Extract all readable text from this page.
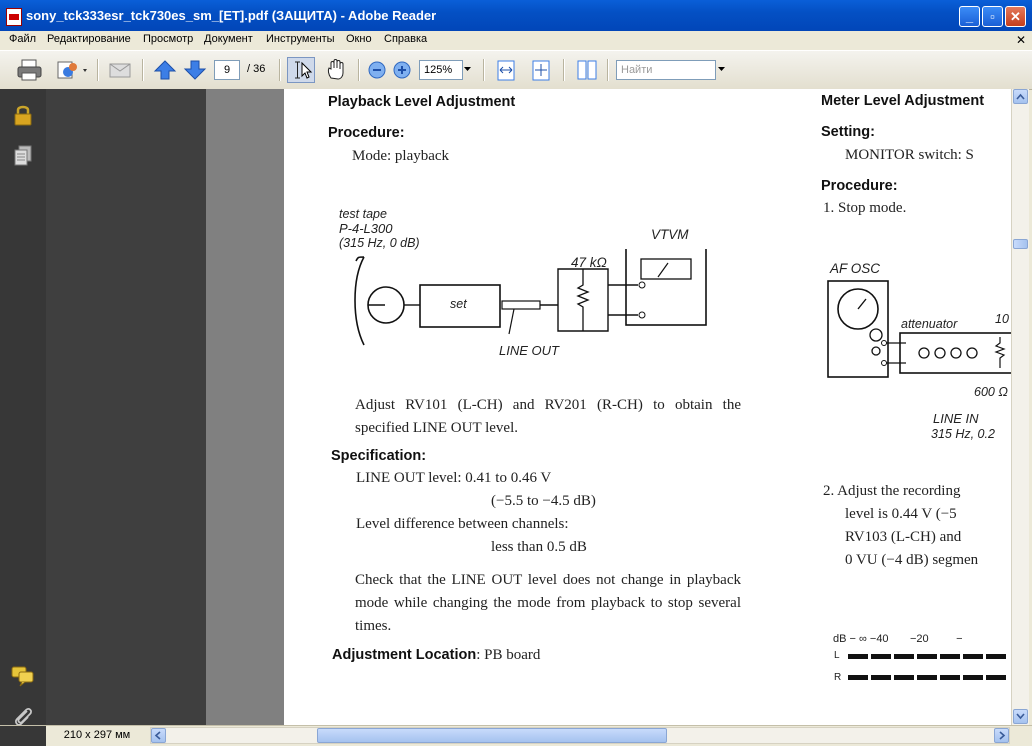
sony_tck333esr_tck730es_sm_[ET].pdf (ЗАЩИТА) - Adobe Reader	_	▫	✕
Файл Редактирование Просмотр Документ Инструменты Окно Справка	✕
9	/ 36	125%	Найти
Playback Level Adjustment
Procedure:
Mode: playback
test tape
P-4-L300
(315 Hz, 0 dB)
VTVM
47 kΩ
set
LINE OUT
Adjust RV101 (L-CH) and RV201 (R-CH) to obtain the specified LINE OUT level.
Specification:
LINE OUT level: 0.41 to 0.46 V
(−5.5 to −4.5 dB)
Level difference between channels:
less than 0.5 dB
Check that the LINE OUT level does not change in playback mode while changing the mode from playback to stop several times.
Adjustment Location: PB board
Meter Level Adjustment
Setting:
MONITOR switch: S
Procedure:
1. Stop mode.
AF OSC
attenuator	10
600 Ω
LINE IN
315 Hz, 0.2
2. Adjust the recording
level is 0.44 V (−5
RV103 (L-CH) and
0 VU (−4 dB) segmen
dB − ∞ −40       −20         −
L
R
210 x 297 мм
